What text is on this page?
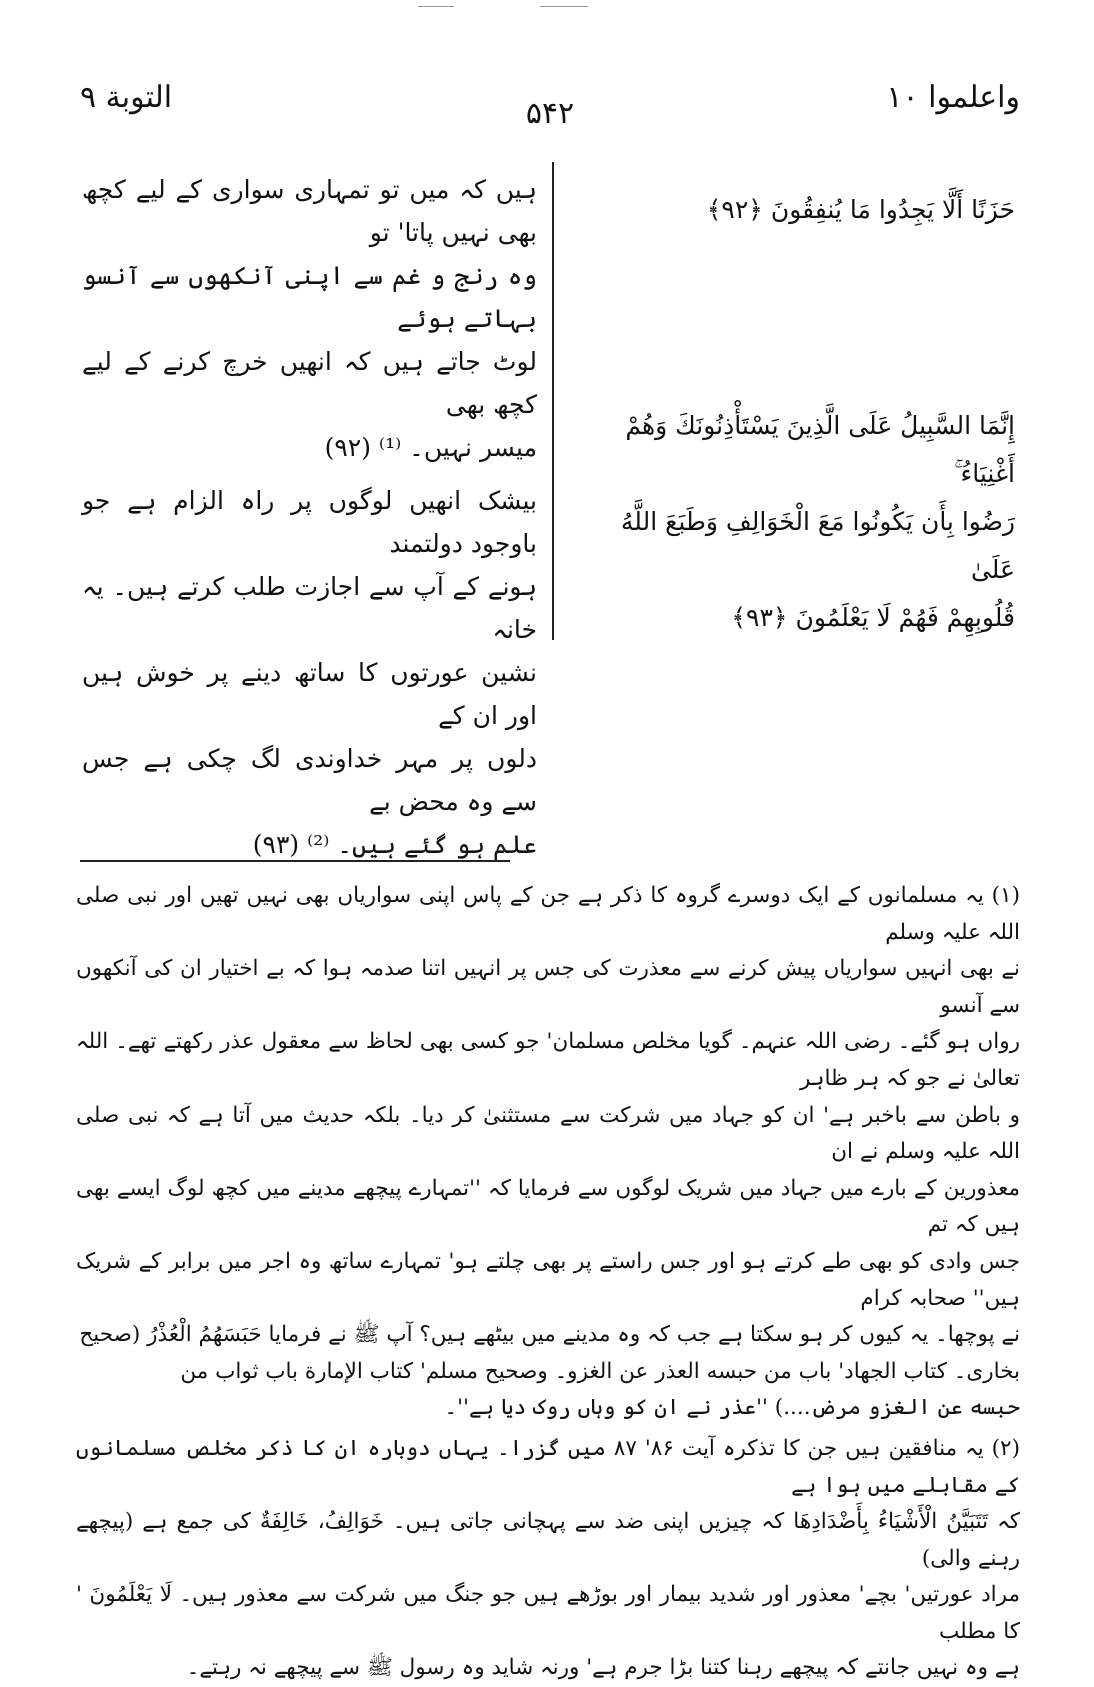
التوبة ٩	۵۴۲	واعلموا ١٠

ہیں کہ میں تو تمہاری سواری کے لیے کچھ بھی نہیں پاتا' تو

وہ رنج و غم سے اپنی آنکھوں سے آنسو بہاتے ہوئے

لوٹ جاتے ہیں کہ انھیں خرچ کرنے کے لیے کچھ بھی

میسر نہیں۔ ⁽¹⁾ (۹۲)

بیشک انھیں لوگوں پر راہ الزام ہے جو باوجود دولتمند

ہونے کے آپ سے اجازت طلب کرتے ہیں۔ یہ خانہ

نشین عورتوں کا ساتھ دینے پر خوش ہیں اور ان کے

دلوں پر مہر خداوندی لگ چکی ہے جس سے وہ محض بے

علم ہو گئے ہیں۔ ⁽²⁾ (۹۳)

حَزَنًا أَلَّا يَجِدُوا مَا يُنفِقُونَ ﴿٩٢﴾

إِنَّمَا السَّبِيلُ عَلَى الَّذِينَ يَسْتَأْذِنُونَكَ وَهُمْ أَغْنِيَاءُ ۚ

رَضُوا بِأَن يَكُونُوا مَعَ الْخَوَالِفِ وَطَبَعَ اللَّهُ عَلَىٰ

قُلُوبِهِمْ فَهُمْ لَا يَعْلَمُونَ ﴿٩٣﴾

(۱) یہ مسلمانوں کے ایک دوسرے گروہ کا ذکر ہے جن کے پاس اپنی سواریاں بھی نہیں تھیں اور نبی صلی اللہ علیہ وسلم

نے بھی انہیں سواریاں پیش کرنے سے معذرت کی جس پر انہیں اتنا صدمہ ہوا کہ بے اختیار ان کی آنکھوں سے آنسو

رواں ہو گئے۔ رضی اللہ عنہم۔ گویا مخلص مسلمان' جو کسی بھی لحاظ سے معقول عذر رکھتے تھے۔ اللہ تعالیٰ نے جو کہ ہر ظاہر

و باطن سے باخبر ہے' ان کو جہاد میں شرکت سے مستثنیٰ کر دیا۔ بلکہ حدیث میں آتا ہے کہ نبی صلی اللہ علیہ وسلم نے ان

معذورین کے بارے میں جہاد میں شریک لوگوں سے فرمایا کہ ''تمہارے پیچھے مدینے میں کچھ لوگ ایسے بھی ہیں کہ تم

جس وادی کو بھی طے کرتے ہو اور جس راستے پر بھی چلتے ہو' تمہارے ساتھ وہ اجر میں برابر کے شریک ہیں'' صحابہ کرام

نے پوچھا۔ یہ کیوں کر ہو سکتا ہے جب کہ وہ مدینے میں بیٹھے ہیں؟ آپ ﷺ نے فرمایا حَبَسَهُمُ الْعُذْرُ (صحیح

بخاری۔ کتاب الجهاد' باب من حبسه العذر عن الغزو۔ وصحيح مسلم' كتاب الإمارة باب ثواب من

حبسه عن الغزو مرض....) ''عذر نے ان کو وہاں روک دیا ہے''۔

(۲) یہ منافقین ہیں جن کا تذکرہ آیت ۸۶' ۸۷ میں گزرا۔ یہاں دوبارہ ان کا ذکر مخلص مسلمانوں کے مقابلے میں ہوا ہے

کہ تَتَبَيَّنُ الْأَشْيَاءُ بِأَضْدَادِهَا کہ چیزیں اپنی ضد سے پہچانی جاتی ہیں۔ خَوَالِفُ، خَالِفَةٌ کی جمع ہے (پیچھے رہنے والی)

مراد عورتیں' بچے' معذور اور شدید بیمار اور بوڑھے ہیں جو جنگ میں شرکت سے معذور ہیں۔ لَا يَعْلَمُونَ ' کا مطلب

ہے وہ نہیں جانتے کہ پیچھے رہنا کتنا بڑا جرم ہے' ورنہ شاید وہ رسول ﷺ سے پیچھے نہ رہتے۔
